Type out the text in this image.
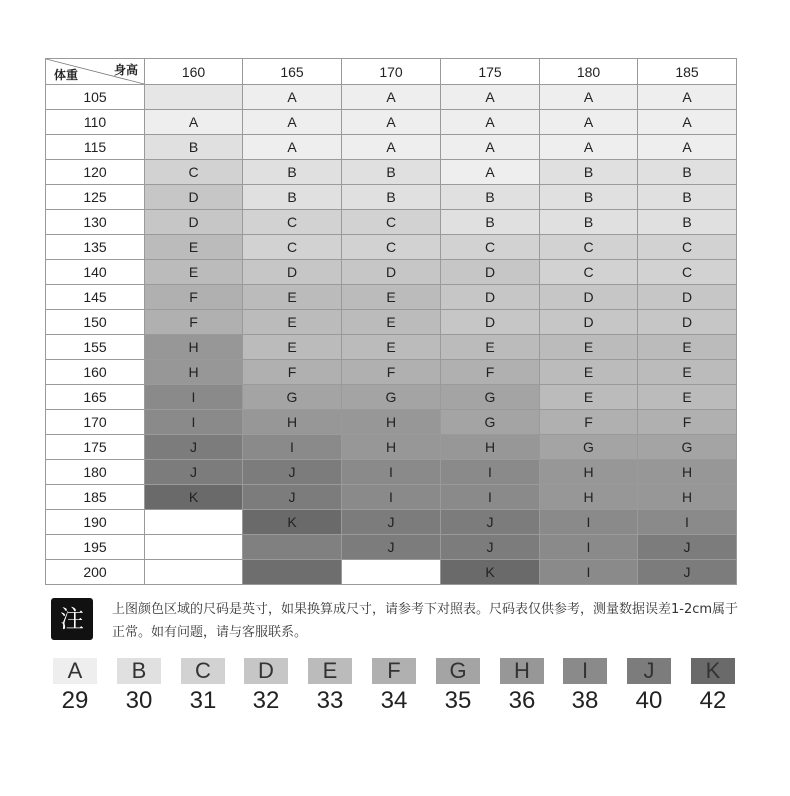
身高
体重	160	165	170	175	180	185
105		A	A	A	A	A
110	A	A	A	A	A	A
115	B	A	A	A	A	A
120	C	B	B	A	B	B
125	D	B	B	B	B	B
130	D	C	C	B	B	B
135	E	C	C	C	C	C
140	E	D	D	D	C	C
145	F	E	E	D	D	D
150	F	E	E	D	D	D
155	H	E	E	E	E	E
160	H	F	F	F	E	E
165	I	G	G	G	E	E
170	I	H	H	G	F	F
175	J	I	H	H	G	G
180	J	J	I	I	H	H
185	K	J	I	I	H	H
190		K	J	J	I	I
195			J	J	I	J
200				K	I	J
注	上图颜色区域的尺码是英寸，如果换算成尺寸，请参考下对照表。尺码表仅供参考，测量数据误差1-2cm属于正常。如有问题，请与客服联系。
A
29
B
30
C
31
D
32
E
33
F
34
G
35
H
36
I
38
J
40
K
42
